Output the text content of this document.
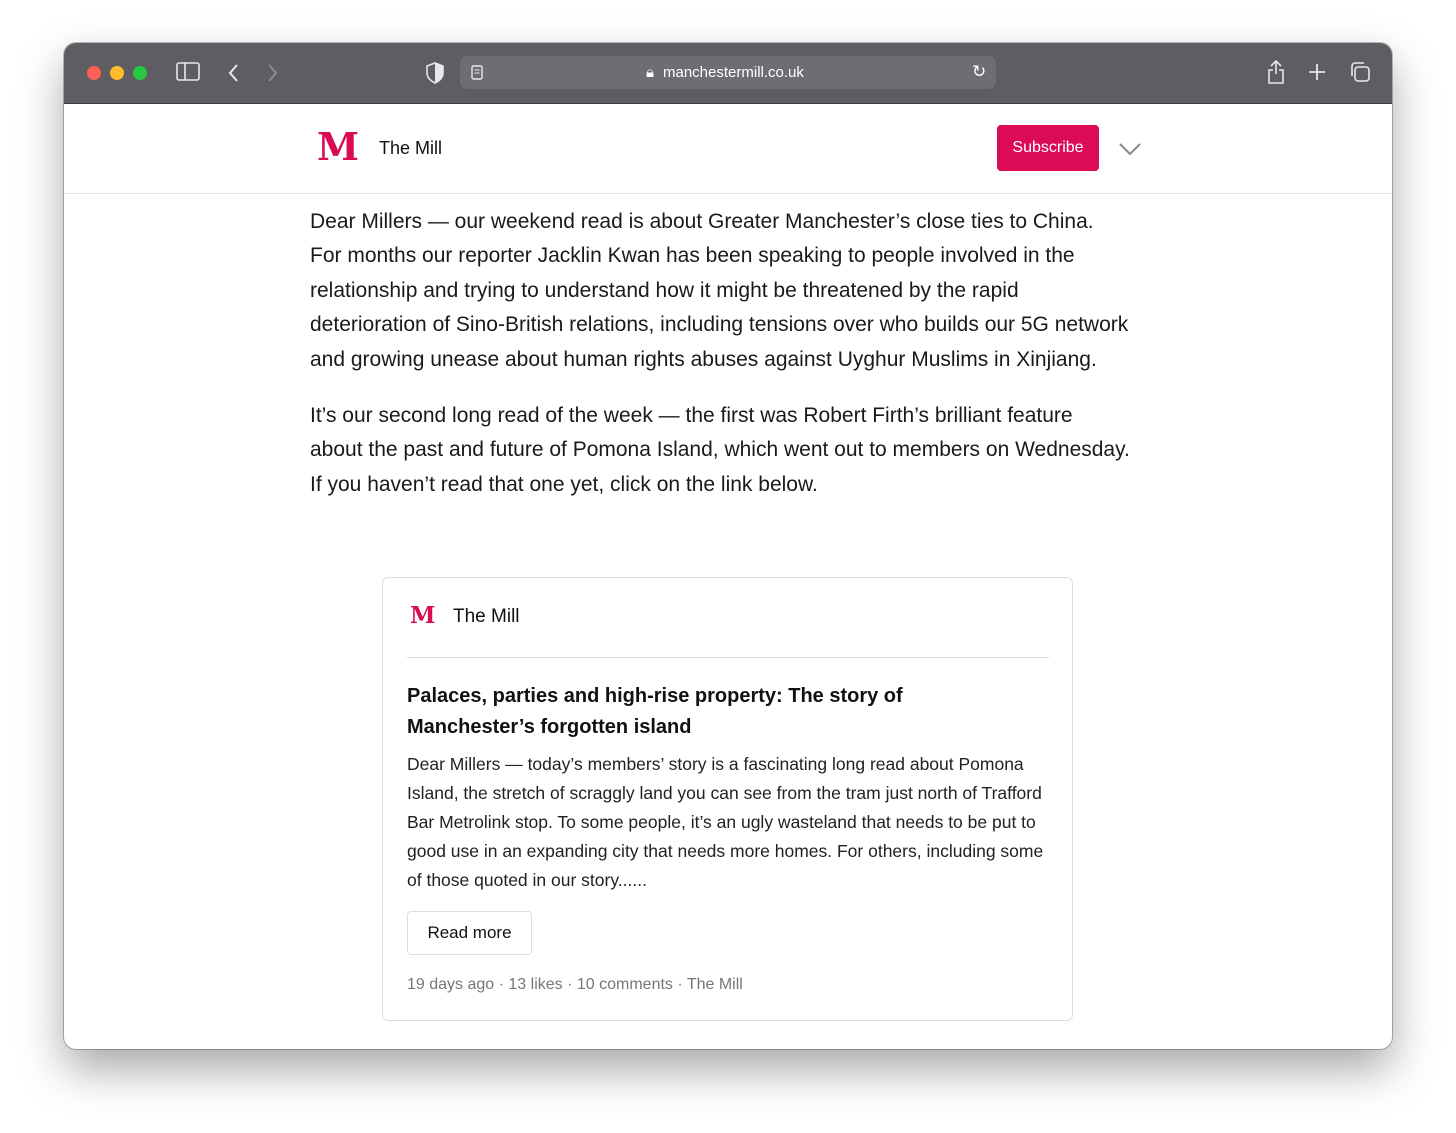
🔒︎ manchestermill.co.uk	↻
M The Mill	Subscribe

Dear Millers — our weekend read is about Greater Manchester’s close ties to China. For months our reporter Jacklin Kwan has been speaking to people involved in the relationship and trying to understand how it might be threatened by the rapid deterioration of Sino-British relations, including tensions over who builds our 5G network and growing unease about human rights abuses against Uyghur Muslims in Xinjiang.

It’s our second long read of the week — the first was Robert Firth’s brilliant feature about the past and future of Pomona Island, which went out to members on Wednesday. If you haven’t read that one yet, click on the link below.

M The Mill
Palaces, parties and high-rise property: The story of Manchester’s forgotten island
Dear Millers — today’s members’ story is a fascinating long read about Pomona Island, the stretch of scraggly land you can see from the tram just north of Trafford Bar Metrolink stop. To some people, it’s an ugly wasteland that needs to be put to good use in an expanding city that needs more homes. For others, including some of those quoted in our story......
Read more
19 days ago · 13 likes · 10 comments · The Mill
